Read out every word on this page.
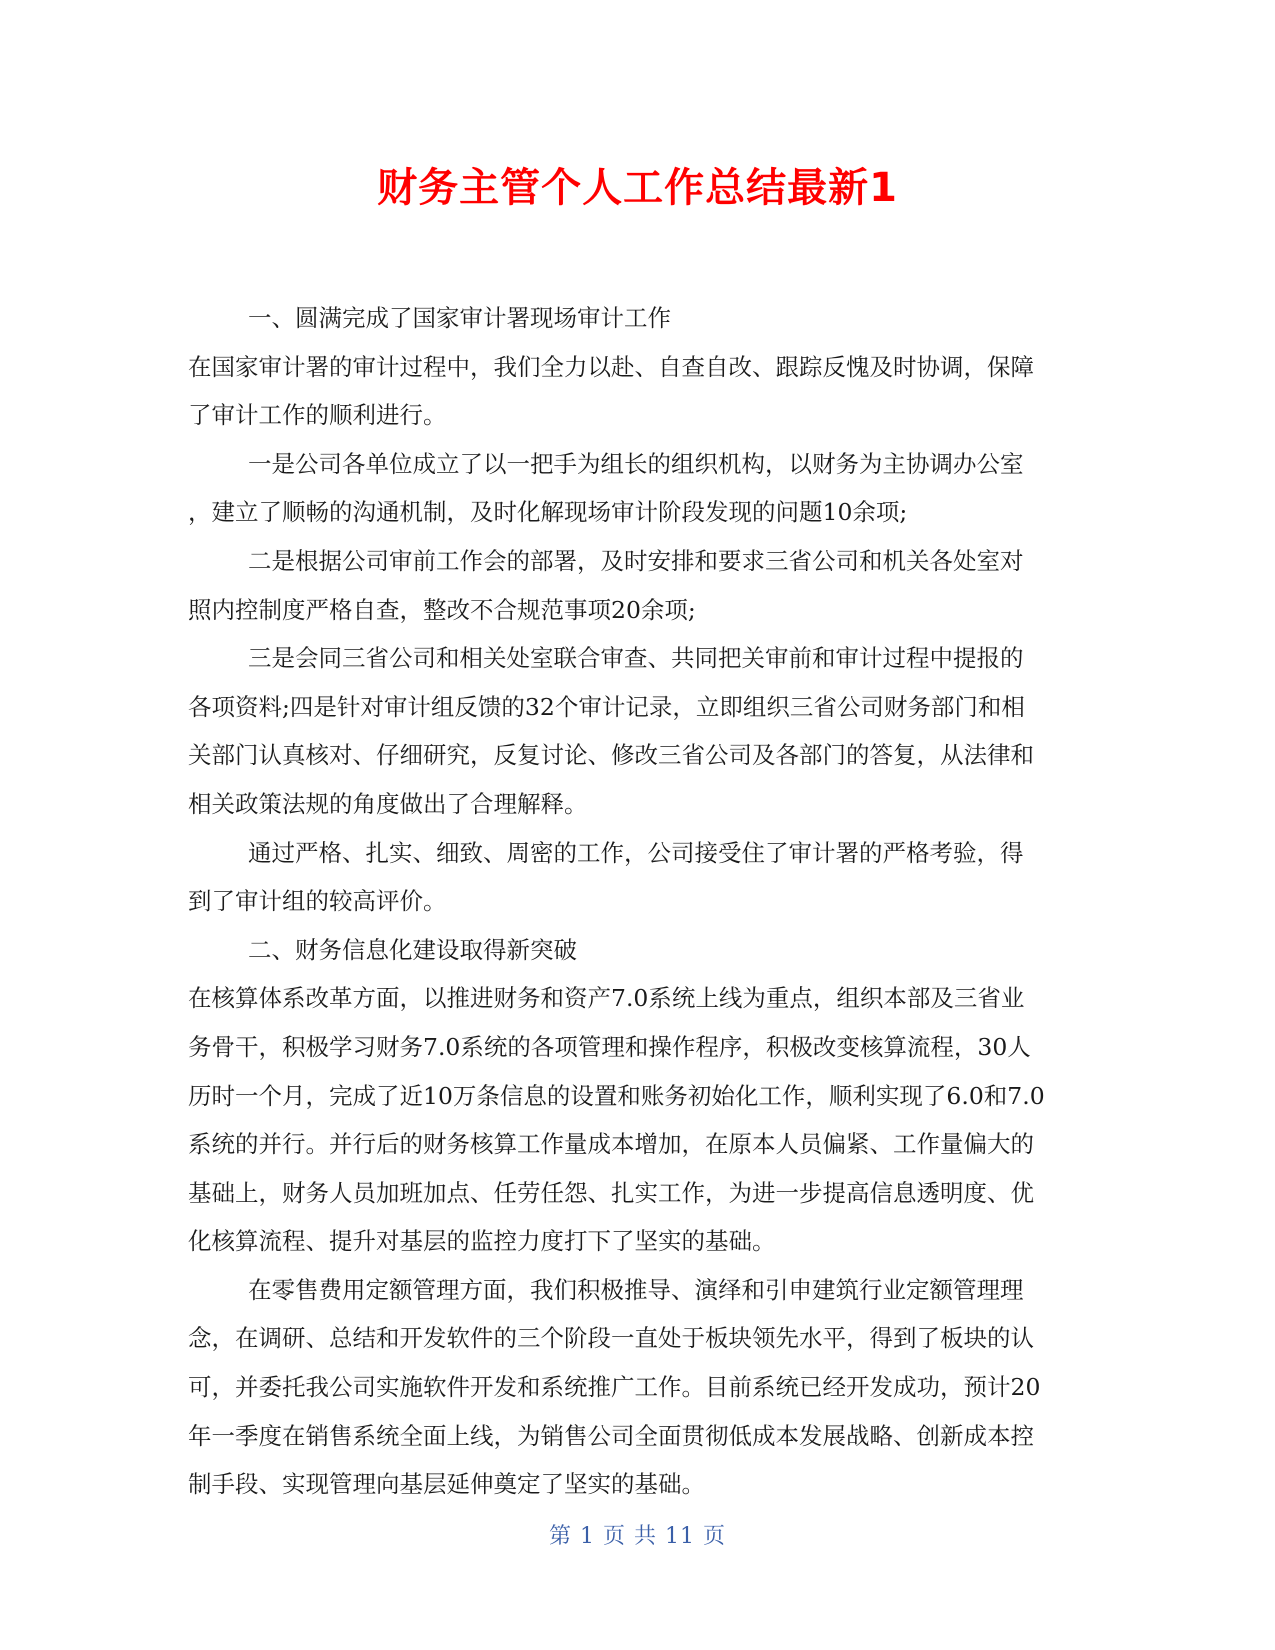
财务主管个人工作总结最新1
一、圆满完成了国家审计署现场审计工作
在国家审计署的审计过程中，我们全力以赴、自查自改、跟踪反愧及时协调，保障
了审计工作的顺利进行。
一是公司各单位成立了以一把手为组长的组织机构，以财务为主协调办公室
，建立了顺畅的沟通机制，及时化解现场审计阶段发现的问题10余项;
二是根据公司审前工作会的部署，及时安排和要求三省公司和机关各处室对
照内控制度严格自查，整改不合规范事项20余项;
三是会同三省公司和相关处室联合审查、共同把关审前和审计过程中提报的
各项资料;四是针对审计组反馈的32个审计记录，立即组织三省公司财务部门和相
关部门认真核对、仔细研究，反复讨论、修改三省公司及各部门的答复，从法律和
相关政策法规的角度做出了合理解释。
通过严格、扎实、细致、周密的工作，公司接受住了审计署的严格考验，得
到了审计组的较高评价。
二、财务信息化建设取得新突破
在核算体系改革方面，以推进财务和资产7.0系统上线为重点，组织本部及三省业
务骨干，积极学习财务7.0系统的各项管理和操作程序，积极改变核算流程，30人
历时一个月，完成了近10万条信息的设置和账务初始化工作，顺利实现了6.0和7.0
系统的并行。并行后的财务核算工作量成本增加，在原本人员偏紧、工作量偏大的
基础上，财务人员加班加点、任劳任怨、扎实工作，为进一步提高信息透明度、优
化核算流程、提升对基层的监控力度打下了坚实的基础。
在零售费用定额管理方面，我们积极推导、演绎和引申建筑行业定额管理理
念，在调研、总结和开发软件的三个阶段一直处于板块领先水平，得到了板块的认
可，并委托我公司实施软件开发和系统推广工作。目前系统已经开发成功，预计20
年一季度在销售系统全面上线，为销售公司全面贯彻低成本发展战略、创新成本控
制手段、实现管理向基层延伸奠定了坚实的基础。
第 1 页 共 11 页
